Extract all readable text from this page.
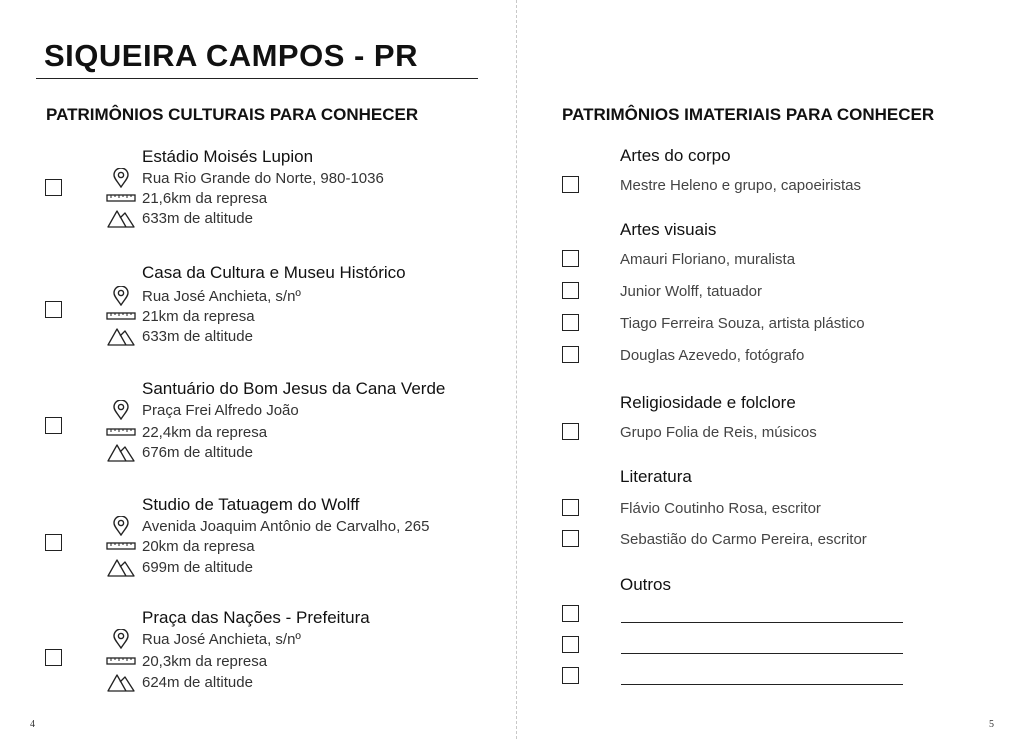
SIQUEIRA CAMPOS - PR
PATRIMÔNIOS CULTURAIS PARA CONHECER
Estádio Moisés Lupion
Rua Rio Grande do Norte, 980-1036
21,6km da represa
633m de altitude
Casa da Cultura e Museu Histórico
Rua José Anchieta, s/nº
21km da represa
633m de altitude
Santuário do Bom Jesus da Cana Verde
Praça Frei Alfredo João
22,4km da represa
676m de altitude
Studio de Tatuagem do Wolff
Avenida Joaquim Antônio de Carvalho, 265
20km da represa
699m de altitude
Praça das Nações - Prefeitura
Rua José Anchieta, s/nº
20,3km da represa
624m de altitude
PATRIMÔNIOS IMATERIAIS PARA CONHECER
Artes do corpo
Mestre Heleno e grupo, capoeiristas
Artes visuais
Amauri Floriano, muralista
Junior Wolff, tatuador
Tiago Ferreira Souza, artista plástico
Douglas Azevedo, fotógrafo
Religiosidade e folclore
Grupo Folia de Reis, músicos
Literatura
Flávio Coutinho Rosa, escritor
Sebastião do Carmo Pereira, escritor
Outros
4	5
